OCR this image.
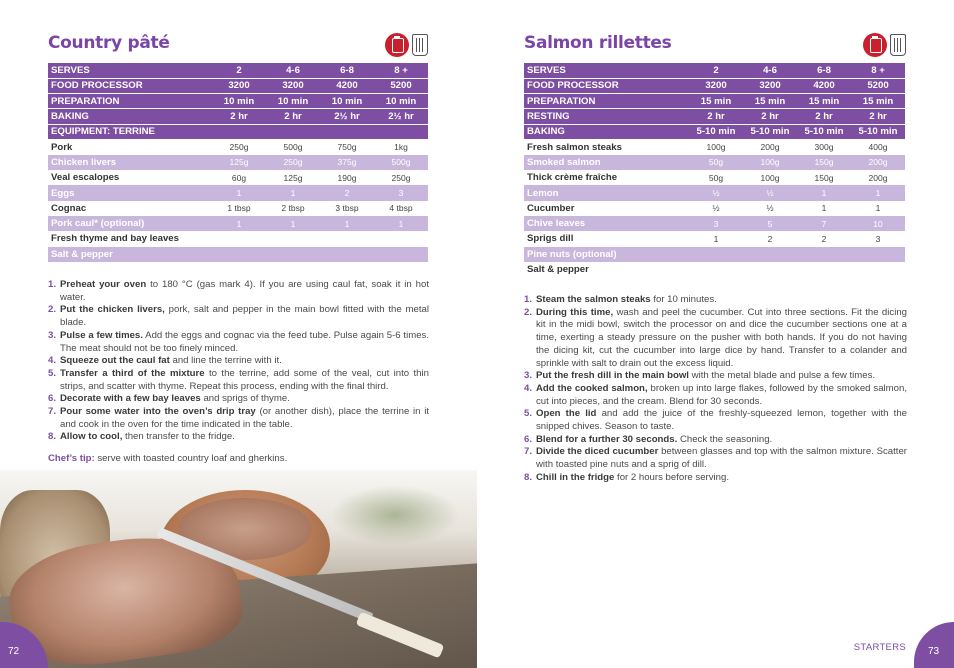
Country pâté
SERVES	2	4-6	6-8	8 +
FOOD PROCESSOR	3200	3200	4200	5200
PREPARATION	10 min	10 min	10 min	10 min
BAKING	2 hr	2 hr	2½ hr	2½ hr
EQUIPMENT: TERRINE				
Pork	250g	500g	750g	1kg
Chicken livers	125g	250g	375g	500g
Veal escalopes	60g	125g	190g	250g
Eggs	1	1	2	3
Cognac	1 tbsp	2 tbsp	3 tbsp	4 tbsp
Pork caul* (optional)	1	1	1	1
Fresh thyme and bay leaves				
Salt & pepper				
1. Preheat your oven to 180 °C (gas mark 4). If you are using caul fat, soak it in hot water.
2. Put the chicken livers, pork, salt and pepper in the main bowl fitted with the metal blade.
3. Pulse a few times. Add the eggs and cognac via the feed tube. Pulse again 5-6 times. The meat should not be too finely minced.
4. Squeeze out the caul fat and line the terrine with it.
5. Transfer a third of the mixture to the terrine, add some of the veal, cut into thin strips, and scatter with thyme. Repeat this process, ending with the final third.
6. Decorate with a few bay leaves and sprigs of thyme.
7. Pour some water into the oven’s drip tray (or another dish), place the terrine in it and cook in the oven for the time indicated in the table.
8. Allow to cool, then transfer to the fridge.
Chef’s tip: serve with toasted country loaf and gherkins.
72
Salmon rillettes
SERVES	2	4-6	6-8	8 +
FOOD PROCESSOR	3200	3200	4200	5200
PREPARATION	15 min	15 min	15 min	15 min
RESTING	2 hr	2 hr	2 hr	2 hr
BAKING	5-10 min	5-10 min	5-10 min	5-10 min
Fresh salmon steaks	100g	200g	300g	400g
Smoked salmon	50g	100g	150g	200g
Thick crème fraîche	50g	100g	150g	200g
Lemon	½	½	1	1
Cucumber	½	½	1	1
Chive leaves	3	5	7	10
Sprigs dill	1	2	2	3
Pine nuts (optional)				
Salt & pepper				
1. Steam the salmon steaks for 10 minutes.
2. During this time, wash and peel the cucumber. Cut into three sections. Fit the dicing kit in the midi bowl, switch the processor on and dice the cucumber sections one at a time, exerting a steady pressure on the pusher with both hands. If you do not having the dicing kit, cut the cucumber into large dice by hand. Transfer to a colander and sprinkle with salt to drain out the excess liquid.
3. Put the fresh dill in the main bowl with the metal blade and pulse a few times.
4. Add the cooked salmon, broken up into large flakes, followed by the smoked salmon, cut into pieces, and the cream. Blend for 30 seconds.
5. Open the lid and add the juice of the freshly-squeezed lemon, together with the snipped chives. Season to taste.
6. Blend for a further 30 seconds. Check the seasoning.
7. Divide the diced cucumber between glasses and top with the salmon mixture. Scatter with toasted pine nuts and a sprig of dill.
8. Chill in the fridge for 2 hours before serving.
STARTERS	73
